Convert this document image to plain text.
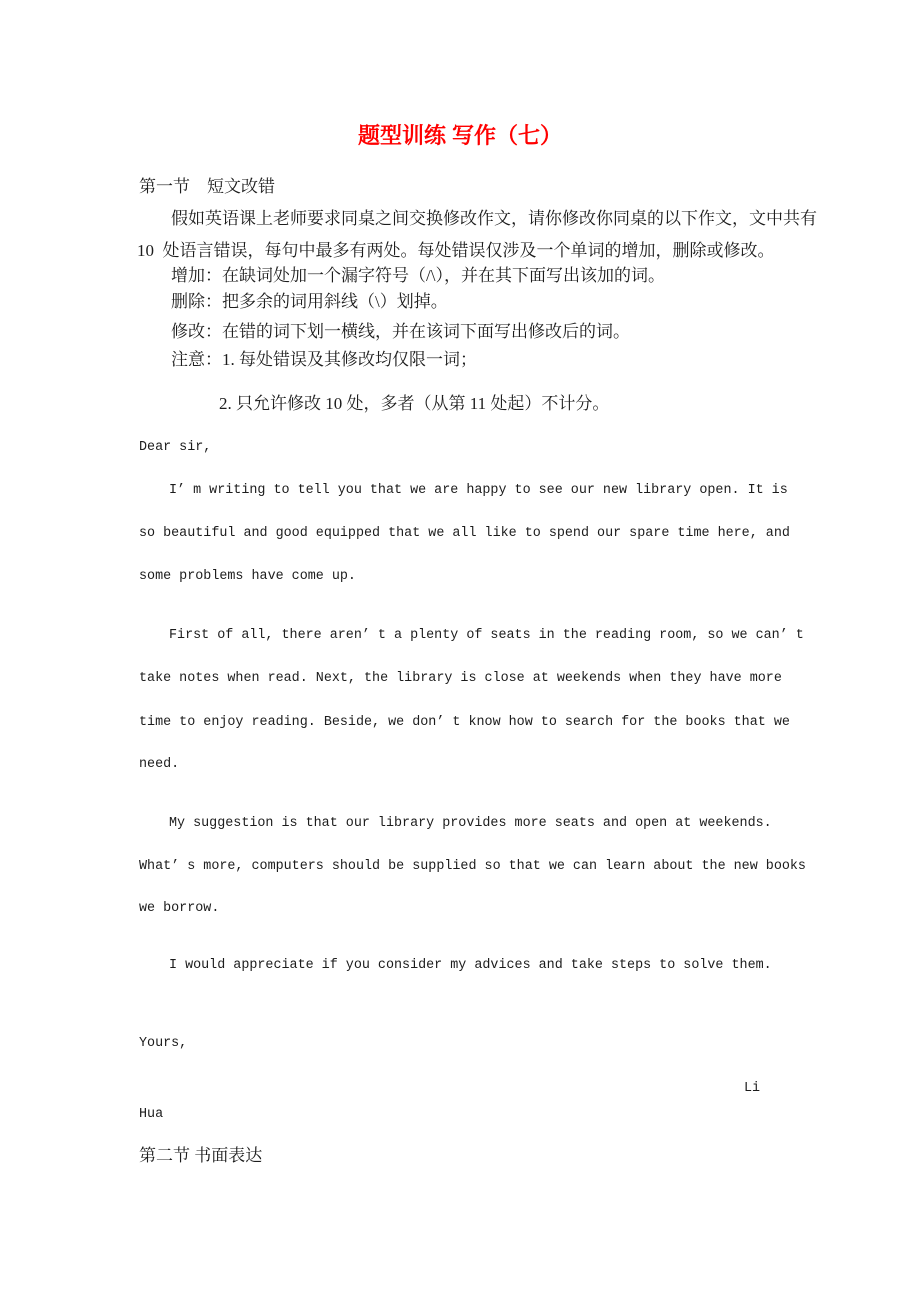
题型训练 写作（七）
第一节　短文改错
假如英语课上老师要求同桌之间交换修改作文，请你修改你同桌的以下作文，文中共有
10  处语言错误，每句中最多有两处。每处错误仅涉及一个单词的增加，删除或修改。
增加：在缺词处加一个漏字符号（/\），并在其下面写出该加的词。
删除：把多余的词用斜线（\）划掉。
修改：在错的词下划一横线，并在该词下面写出修改后的词。
注意：1. 每处错误及其修改均仅限一词；
2. 只允许修改 10 处，多者（从第 11 处起）不计分。
Dear sir,
I’ m writing to tell you that we are happy to see our new library open. It is
so beautiful and good equipped that we all like to spend our spare time here, and
some problems have come up.
First of all, there aren’ t a plenty of seats in the reading room, so we can’ t
take notes when read. Next, the library is close at weekends when they have more
time to enjoy reading. Beside, we don’ t know how to search for the books that we
need.
My suggestion is that our library provides more seats and open at weekends.
What’ s more, computers should be supplied so that we can learn about the new books
we borrow.
I would appreciate if you consider my advices and take steps to solve them.
Yours,
Li
Hua
第二节 书面表达
